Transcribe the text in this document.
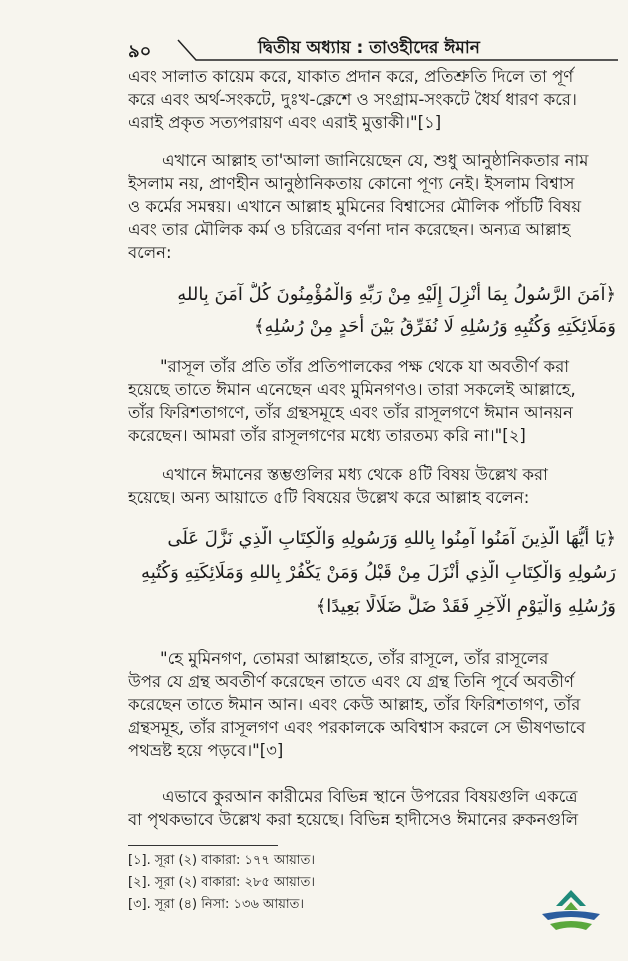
৯০	দ্বিতীয় অধ্যায় : তাওহীদের ঈমান
এবং সালাত কায়েম করে, যাকাত প্রদান করে, প্রতিশ্রুতি দিলে তা পূর্ণ
করে এবং অর্থ-সংকটে, দুঃখ-ক্লেশে ও সংগ্রাম-সংকটে ধৈর্য ধারণ করে।
এরাই প্রকৃত সত্যপরায়ণ এবং এরাই মুত্তাকী।"[১]
এখানে আল্লাহ তা'আলা জানিয়েছেন যে, শুধু আনুষ্ঠানিকতার নাম
ইসলাম নয়, প্রাণহীন আনুষ্ঠানিকতায় কোনো পূণ্য নেই। ইসলাম বিশ্বাস
ও কর্মের সমন্বয়। এখানে আল্লাহ মুমিনের বিশ্বাসের মৌলিক পাঁচটি বিষয়
এবং তার মৌলিক কর্ম ও চরিত্রের বর্ণনা দান করেছেন। অন্যত্র আল্লাহ
বলেন:
﴿آمَنَ الرَّسُولُ بِمَا أُنْزِلَ إِلَيْهِ مِنْ رَبِّهِ وَالْمُؤْمِنُونَ كُلٌّ آمَنَ بِاللهِ
وَمَلَائِكَتِهِ وَكُتُبِهِ وَرُسُلِهِ لَا نُفَرِّقُ بَيْنَ أَحَدٍ مِنْ رُسُلِهِ﴾
"রাসূল তাঁর প্রতি তাঁর প্রতিপালকের পক্ষ থেকে যা অবতীর্ণ করা
হয়েছে তাতে ঈমান এনেছেন এবং মুমিনগণও। তারা সকলেই আল্লাহে,
তাঁর ফিরিশতাগণে, তাঁর গ্রন্থসমূহে এবং তাঁর রাসূলগণে ঈমান আনয়ন
করেছেন। আমরা তাঁর রাসূলগণের মধ্যে তারতম্য করি না।"[২]
এখানে ঈমানের স্তম্ভগুলির মধ্য থেকে ৪টি বিষয় উল্লেখ করা
হয়েছে। অন্য আয়াতে ৫টি বিষয়ের উল্লেখ করে আল্লাহ বলেন:
﴿يَا أَيُّهَا الَّذِينَ آمَنُوا آمِنُوا بِاللهِ وَرَسُولِهِ وَالْكِتَابِ الَّذِي نَزَّلَ عَلَى
رَسُولِهِ وَالْكِتَابِ الَّذِي أَنْزَلَ مِنْ قَبْلُ وَمَنْ يَكْفُرْ بِاللهِ وَمَلَائِكَتِهِ وَكُتُبِهِ
وَرُسُلِهِ وَالْيَوْمِ الْآخِرِ فَقَدْ ضَلَّ ضَلَالًا بَعِيدًا﴾
"হে মুমিনগণ, তোমরা আল্লাহতে, তাঁর রাসূলে, তাঁর রাসূলের
উপর যে গ্রন্থ অবতীর্ণ করেছেন তাতে এবং যে গ্রন্থ তিনি পূর্বে অবতীর্ণ
করেছেন তাতে ঈমান আন। এবং কেউ আল্লাহ, তাঁর ফিরিশতাগণ, তাঁর
গ্রন্থসমূহ, তাঁর রাসূলগণ এবং পরকালকে অবিশ্বাস করলে সে ভীষণভাবে
পথভ্রষ্ট হয়ে পড়বে।"[৩]
এভাবে কুরআন কারীমের বিভিন্ন স্থানে উপরের বিষয়গুলি একত্রে
বা পৃথকভাবে উল্লেখ করা হয়েছে। বিভিন্ন হাদীসেও ঈমানের রুকনগুলি
[১]. সূরা (২) বাকারা: ১৭৭ আয়াত।
[২]. সূরা (২) বাকারা: ২৮৫ আয়াত।
[৩]. সূরা (৪) নিসা: ১৩৬ আয়াত।
